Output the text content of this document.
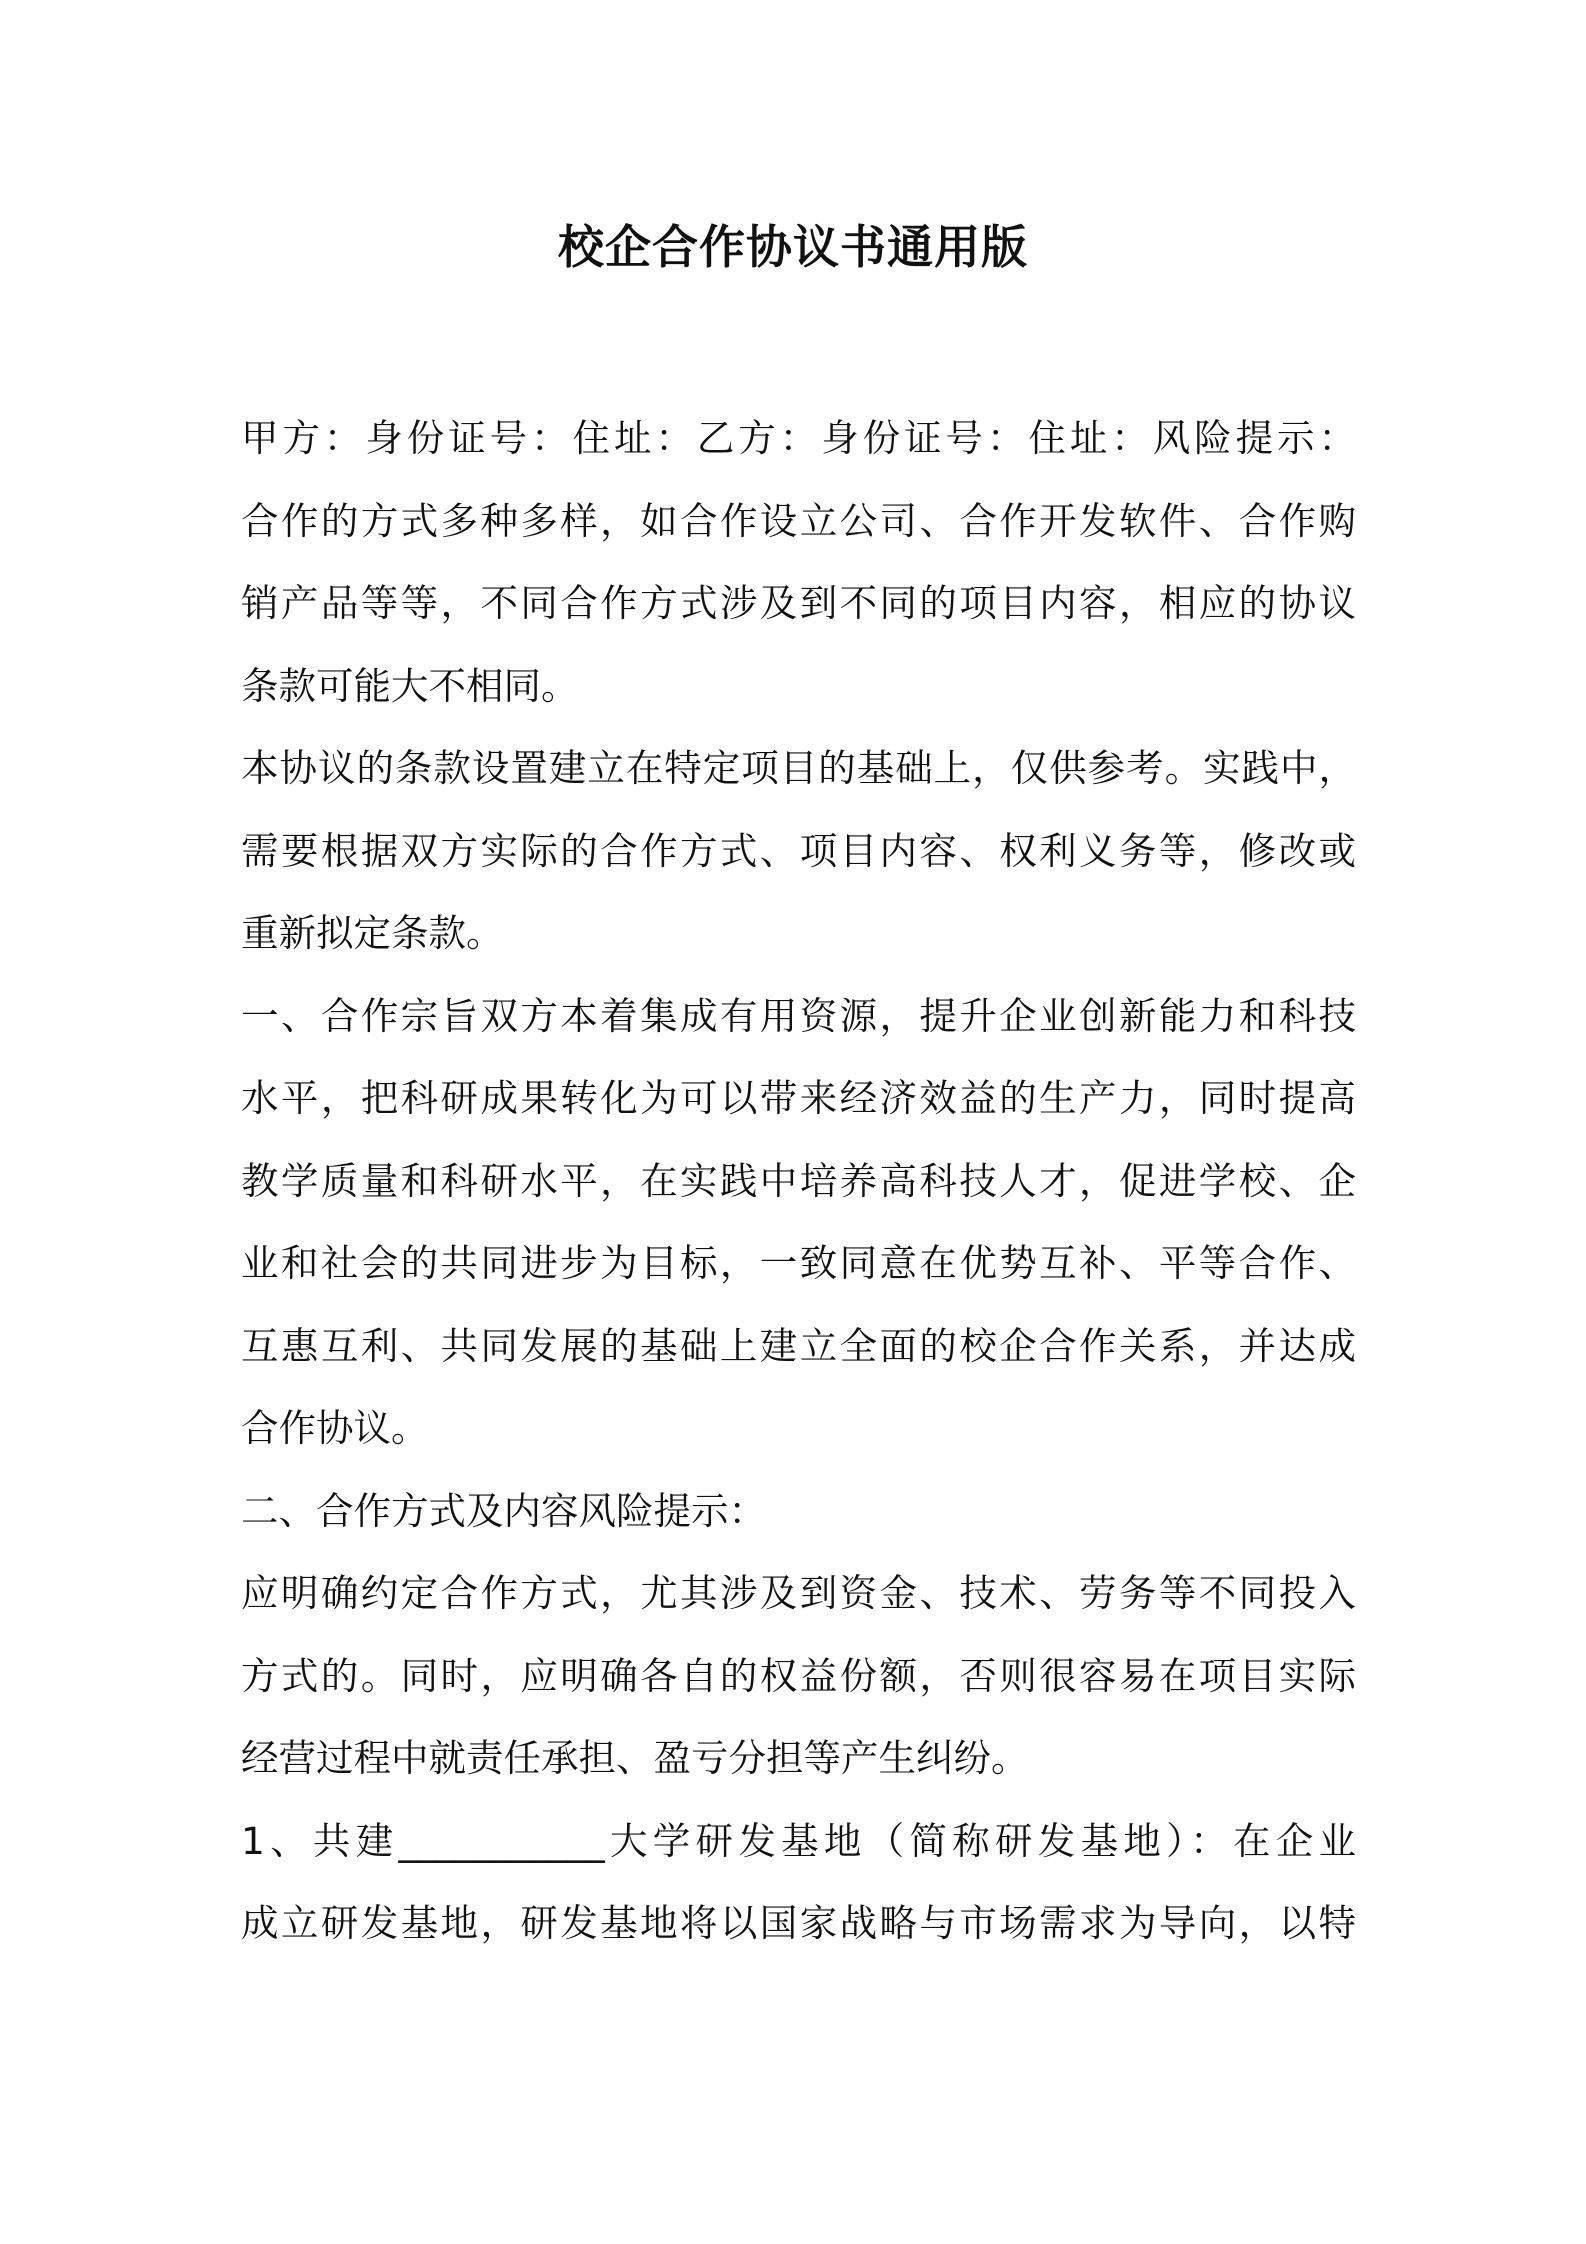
校企合作协议书通用版
甲方：身份证号：住址：乙方：身份证号：住址：风险提示：
合作的方式多种多样，如合作设立公司、合作开发软件、合作购
销产品等等，不同合作方式涉及到不同的项目内容，相应的协议
条款可能大不相同。
本协议的条款设置建立在特定项目的基础上，仅供参考。实践中，
需要根据双方实际的合作方式、项目内容、权利义务等，修改或
重新拟定条款。
一、合作宗旨双方本着集成有用资源，提升企业创新能力和科技
水平，把科研成果转化为可以带来经济效益的生产力，同时提高
教学质量和科研水平，在实践中培养高科技人才，促进学校、企
业和社会的共同进步为目标，一致同意在优势互补、平等合作、
互惠互利、共同发展的基础上建立全面的校企合作关系，并达成
合作协议。
二、合作方式及内容风险提示：
应明确约定合作方式，尤其涉及到资金、技术、劳务等不同投入
方式的。同时，应明确各自的权益份额，否则很容易在项目实际
经营过程中就责任承担、盈亏分担等产生纠纷。
1、共建___________大学研发基地（简称研发基地）：在企业
成立研发基地，研发基地将以国家战略与市场需求为导向，以特
